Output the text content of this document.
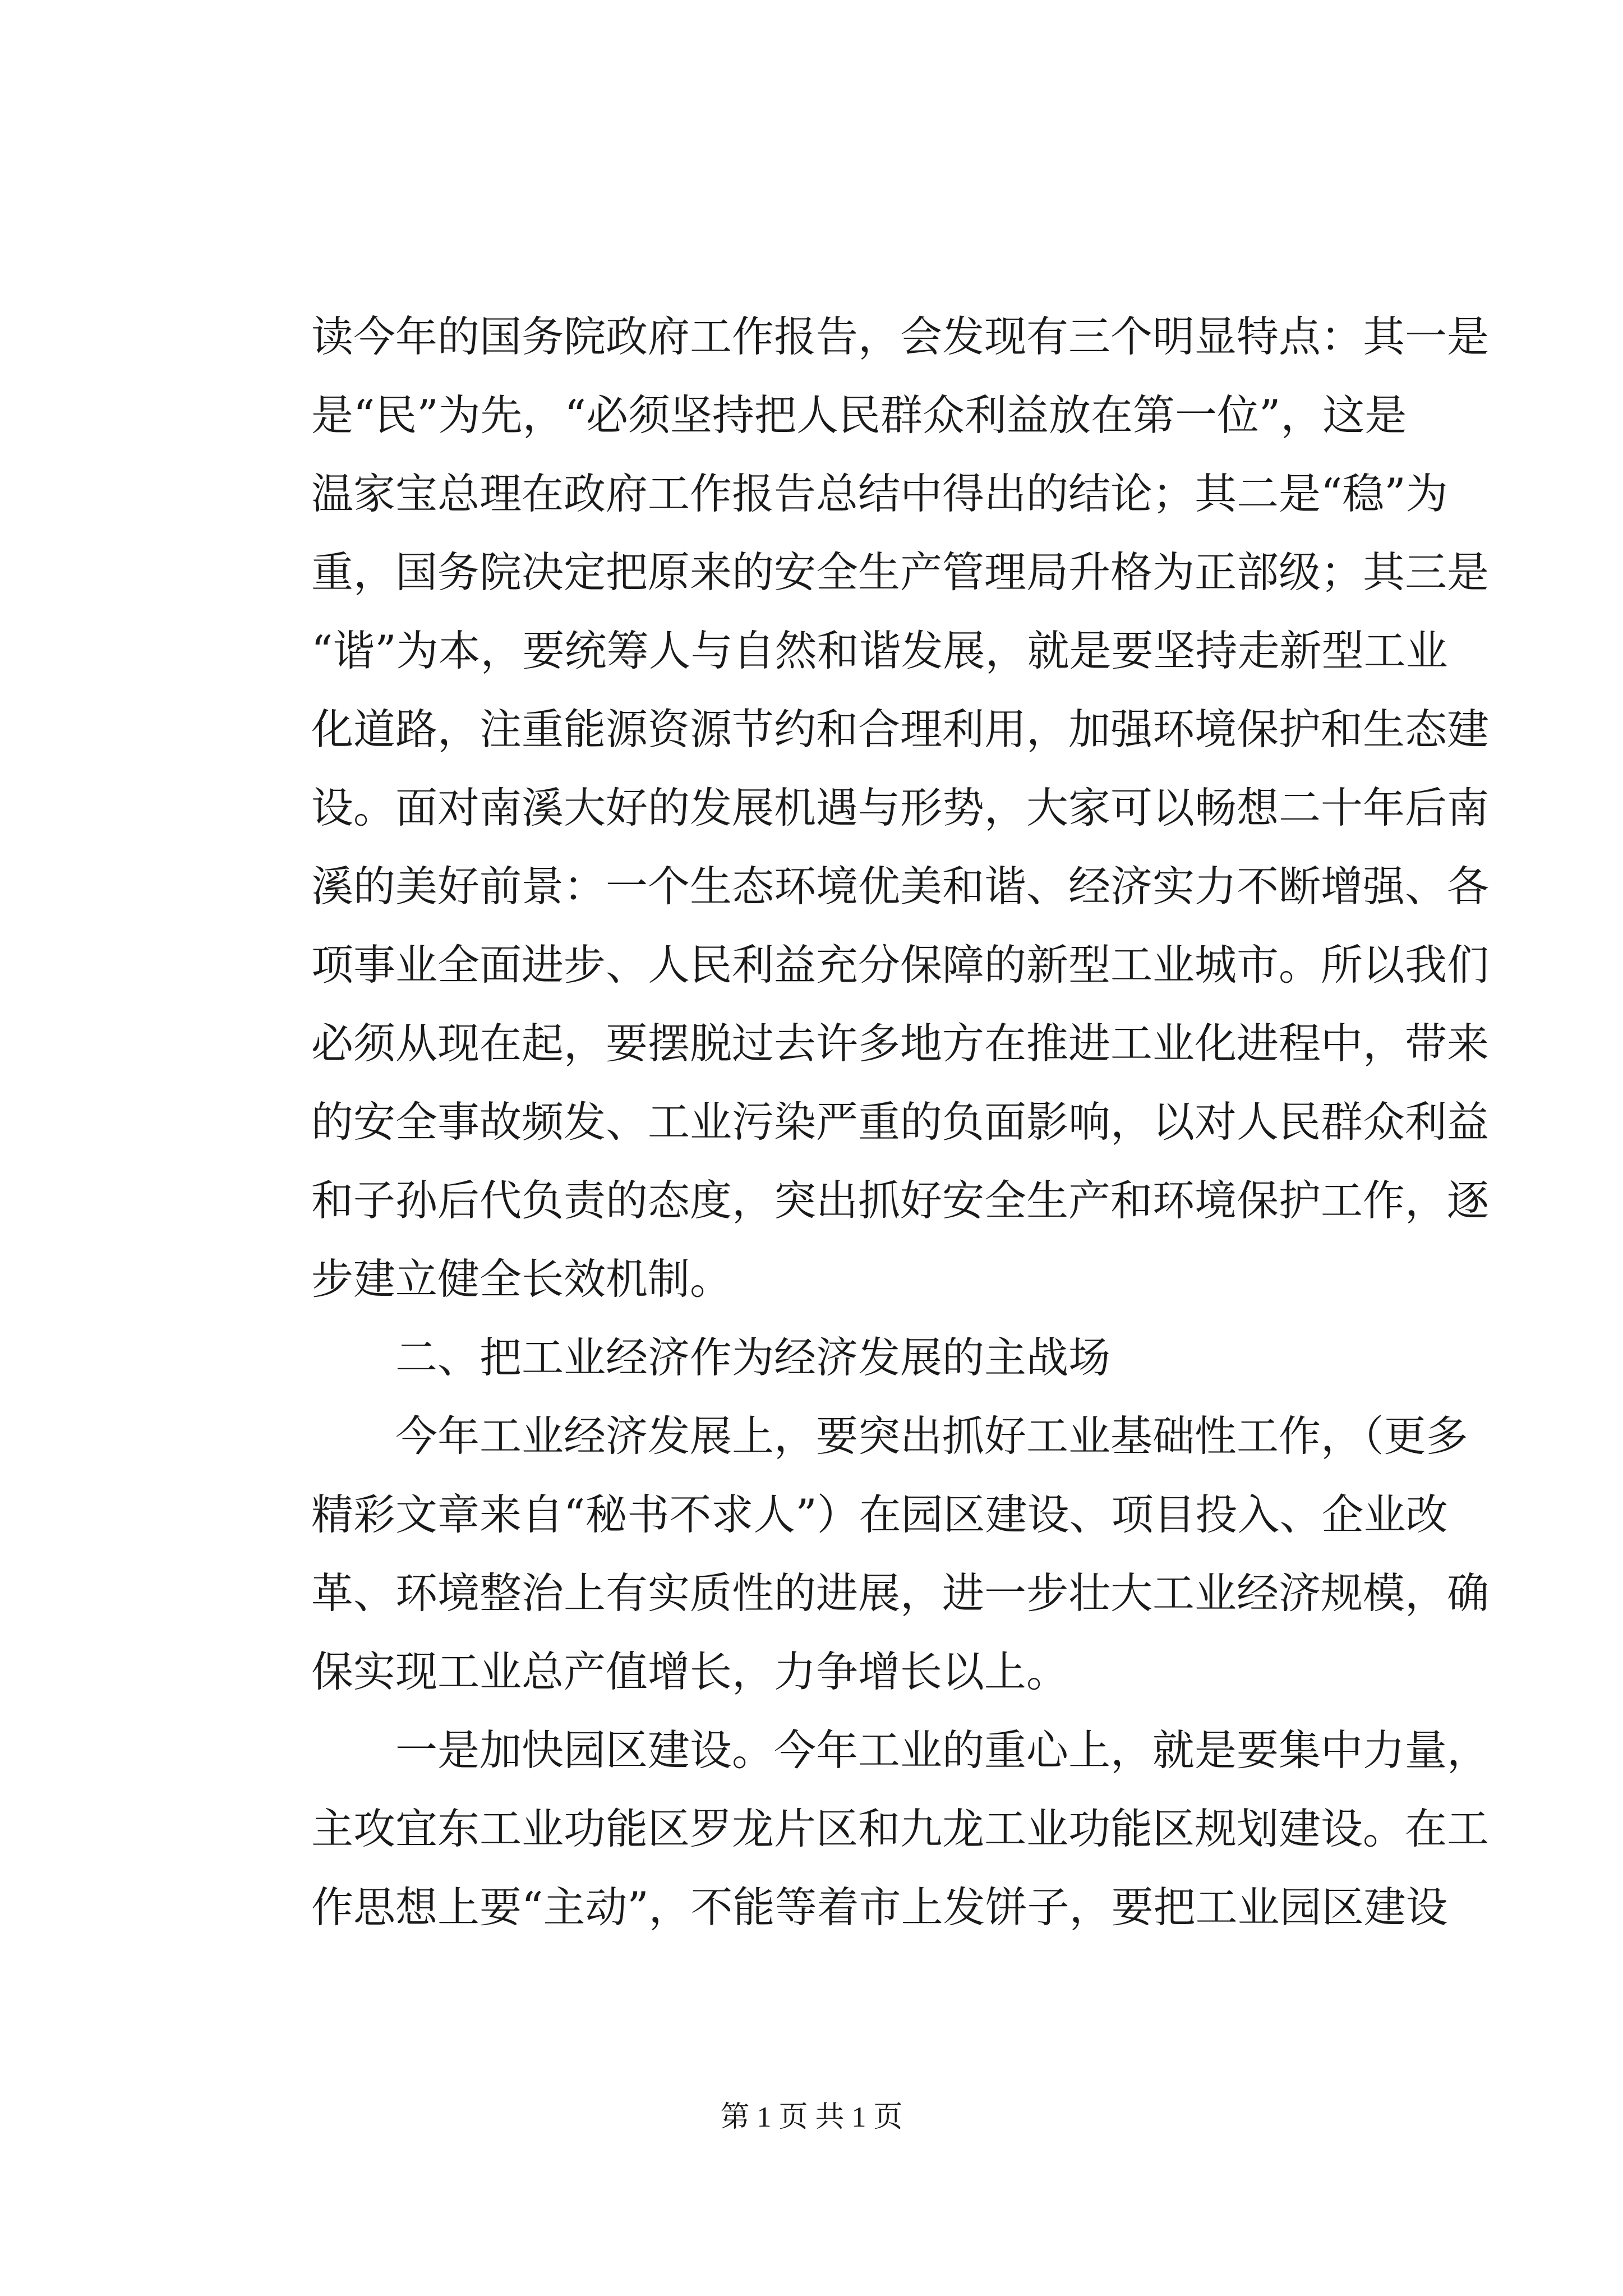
读今年的国务院政府工作报告，会发现有三个明显特点：其一是
是“民”为先，“必须坚持把人民群众利益放在第一位”，这是
温家宝总理在政府工作报告总结中得出的结论；其二是“稳”为
重，国务院决定把原来的安全生产管理局升格为正部级；其三是
“谐”为本，要统筹人与自然和谐发展，就是要坚持走新型工业
化道路，注重能源资源节约和合理利用，加强环境保护和生态建
设。面对南溪大好的发展机遇与形势，大家可以畅想二十年后南
溪的美好前景：一个生态环境优美和谐、经济实力不断增强、各
项事业全面进步、人民利益充分保障的新型工业城市。所以我们
必须从现在起，要摆脱过去许多地方在推进工业化进程中，带来
的安全事故频发、工业污染严重的负面影响，以对人民群众利益
和子孙后代负责的态度，突出抓好安全生产和环境保护工作，逐
步建立健全长效机制。
二、把工业经济作为经济发展的主战场
今年工业经济发展上，要突出抓好工业基础性工作，（更多
精彩文章来自“秘书不求人”）在园区建设、项目投入、企业改
革、环境整治上有实质性的进展，进一步壮大工业经济规模，确
保实现工业总产值增长，力争增长以上。
一是加快园区建设。今年工业的重心上，就是要集中力量，
主攻宜东工业功能区罗龙片区和九龙工业功能区规划建设。在工
作思想上要“主动”，不能等着市上发饼子，要把工业园区建设
第 1 页 共 1 页
